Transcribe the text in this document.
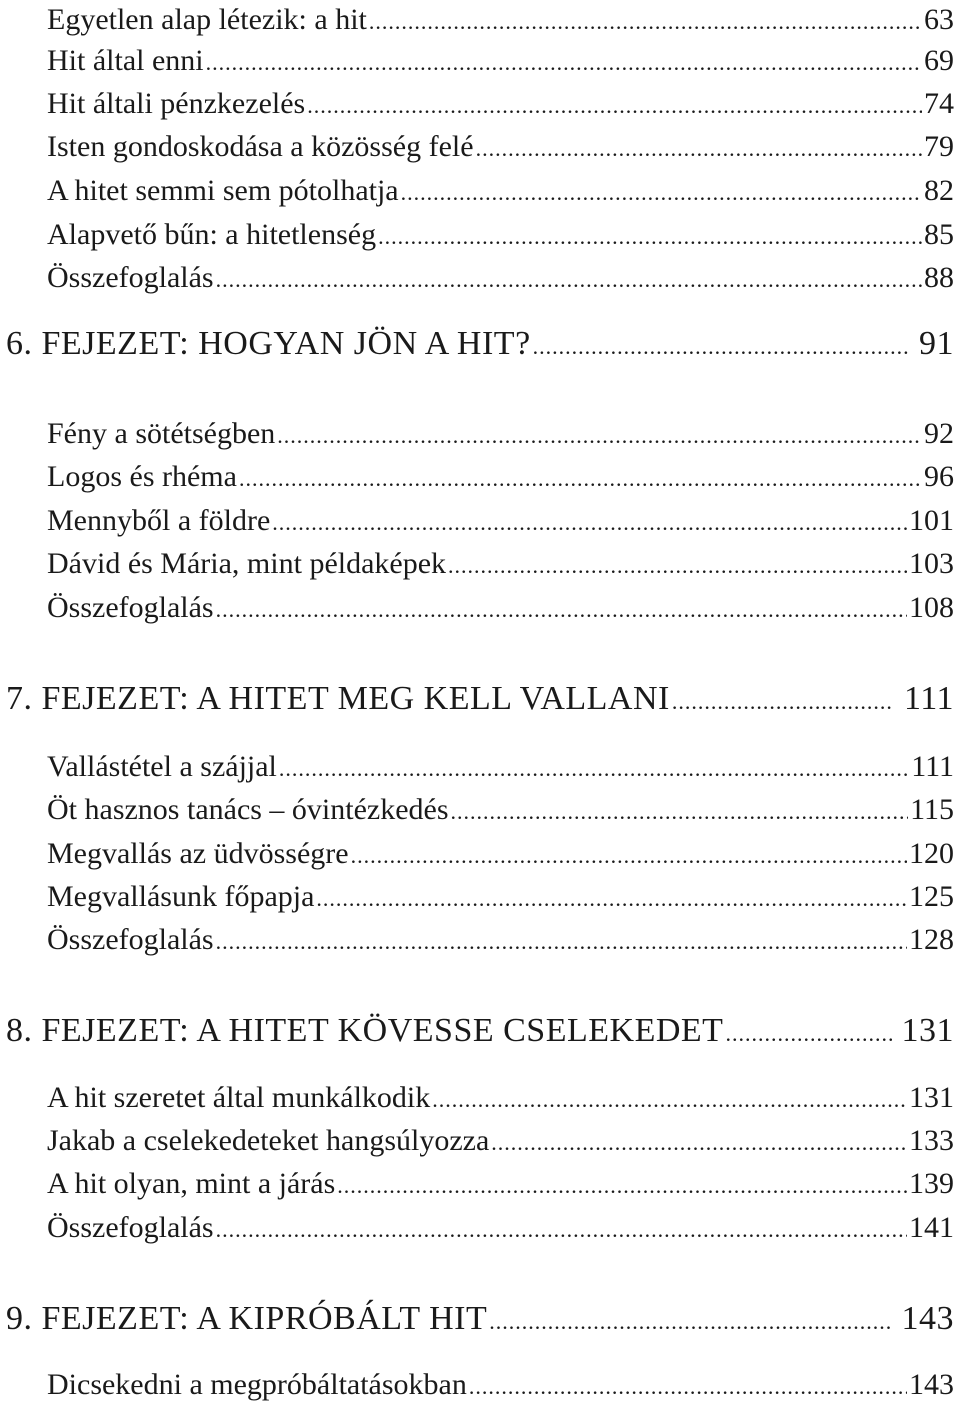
Egyetlen alap létezik: a hit .....	63
Hit által enni .....	69
Hit általi pénzkezelés .....	74
Isten gondoskodása a közösség felé .....	79
A hitet semmi sem pótolhatja .....	82
Alapvető bűn: a hitetlenség .....	85
Összefoglalás .....	88
6. FEJEZET: HOGYAN JÖN A HIT? .....	91
Fény a sötétségben .....	92
Logos és rhéma .....	96
Mennyből a földre .....	101
Dávid és Mária, mint példaképek .....	103
Összefoglalás .....	108
7. FEJEZET: A HITET MEG KELL VALLANI .....	111
Vallástétel a szájjal .....	111
Öt hasznos tanács – óvintézkedés .....	115
Megvallás az üdvösségre .....	120
Megvallásunk főpapja .....	125
Összefoglalás .....	128
8. FEJEZET: A HITET KÖVESSE CSELEKEDET .....	131
A hit szeretet által munkálkodik .....	131
Jakab a cselekedeteket hangsúlyozza .....	133
A hit olyan, mint a járás .....	139
Összefoglalás .....	141
9. FEJEZET: A KIPRÓBÁLT HIT .....	143
Dicsekedni a megpróbáltatásokban .....	143
